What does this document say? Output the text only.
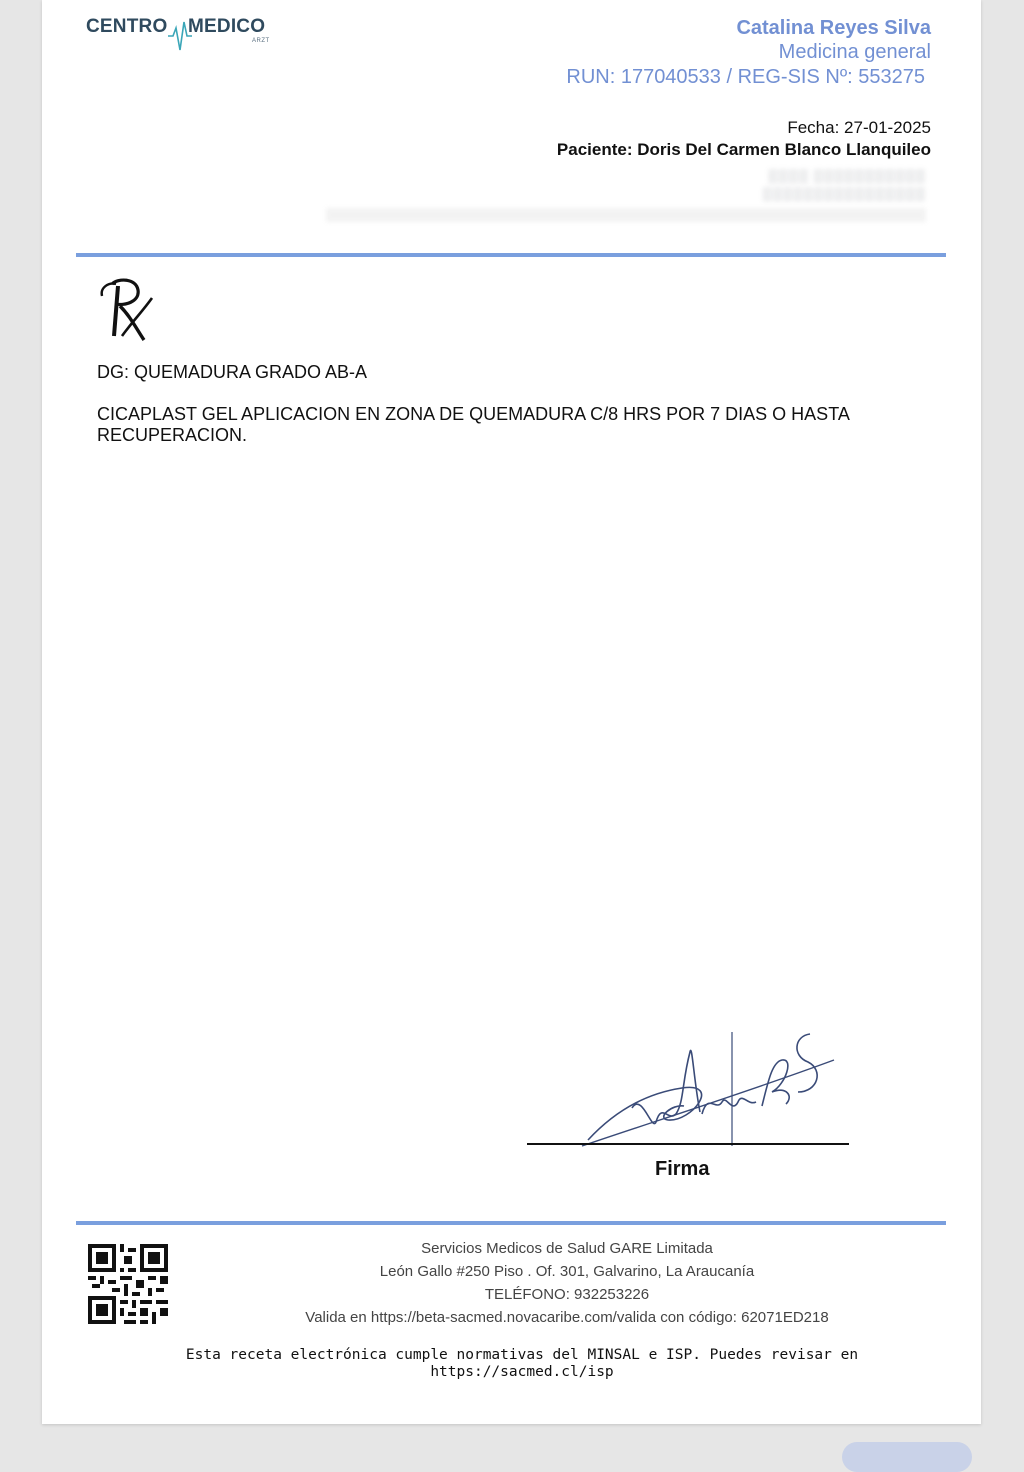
CENTRO MEDICO
ARZT
Catalina Reyes Silva
Medicina general
RUN: 177040533 / REG-SIS Nº: 553275
Fecha: 27-01-2025
Paciente: Doris Del Carmen Blanco Llanquileo
▒▒▒▒ ▒▒▒▒▒▒▒▒▒▒▒
▒▒▒▒▒▒▒▒▒▒▒▒▒▒▒▒
DG: QUEMADURA GRADO AB-A
CICAPLAST GEL APLICACION EN ZONA DE QUEMADURA C/8 HRS POR 7 DIAS O HASTA RECUPERACION.
Firma
Servicios Medicos de Salud GARE Limitada
León Gallo #250 Piso . Of. 301, Galvarino, La Araucanía
TELÉFONO: 932253226
Valida en https://beta-sacmed.novacaribe.com/valida con código: 62071ED218
Esta receta electrónica cumple normativas del MINSAL e ISP. Puedes revisar en https://sacmed.cl/isp
